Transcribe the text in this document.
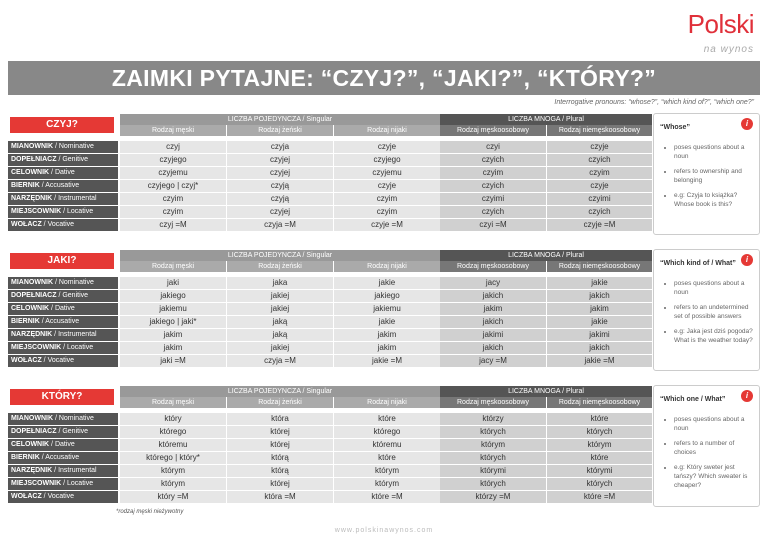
Polski
na wynos
ZAIMKI PYTAJNE: “CZYJ?”, “JAKI?”, “KTÓRY?”
Interrogative pronouns: “whose?”, “which kind of?”, “which one?”
CZYJ?	LICZBA POJEDYNCZA / Singular	LICZBA MNOGA / Plural
Rodzaj męski	Rodzaj żeński	Rodzaj nijaki	Rodzaj męskoosobowy	Rodzaj niemęskoosobowy
MIANOWNIK / Nominative	czyj	czyja	czyje	czyi	czyje
DOPEŁNIACZ / Genitive	czyjego	czyjej	czyjego	czyich	czyich
CELOWNIK / Dative	czyjemu	czyjej	czyjemu	czyim	czyim
BIERNIK / Accusative	czyjego | czyj*	czyją	czyje	czyich	czyje
NARZĘDNIK / Instrumental	czyim	czyją	czyim	czyimi	czyimi
MIEJSCOWNIK / Locative	czyim	czyjej	czyim	czyich	czyich
WOŁACZ / Vocative	czyj =M	czyja =M	czyje =M	czyi =M	czyje =M
JAKI?	LICZBA POJEDYNCZA / Singular	LICZBA MNOGA / Plural
Rodzaj męski	Rodzaj żeński	Rodzaj nijaki	Rodzaj męskoosobowy	Rodzaj niemęskoosobowy
MIANOWNIK / Nominative	jaki	jaka	jakie	jacy	jakie
DOPEŁNIACZ / Genitive	jakiego	jakiej	jakiego	jakich	jakich
CELOWNIK / Dative	jakiemu	jakiej	jakiemu	jakim	jakim
BIERNIK / Accusative	jakiego | jaki*	jaką	jakie	jakich	jakie
NARZĘDNIK / Instrumental	jakim	jaką	jakim	jakimi	jakimi
MIEJSCOWNIK / Locative	jakim	jakiej	jakim	jakich	jakich
WOŁACZ / Vocative	jaki =M	czyja =M	jakie =M	jacy =M	jakie =M
KTÓRY?	LICZBA POJEDYNCZA / Singular	LICZBA MNOGA / Plural
Rodzaj męski	Rodzaj żeński	Rodzaj nijaki	Rodzaj męskoosobowy	Rodzaj niemęskoosobowy
MIANOWNIK / Nominative	który	która	które	którzy	które
DOPEŁNIACZ / Genitive	którego	której	którego	których	których
CELOWNIK / Dative	któremu	której	któremu	którym	którym
BIERNIK / Accusative	którego | który*	którą	które	których	które
NARZĘDNIK / Instrumental	którym	którą	którym	którymi	którymi
MIEJSCOWNIK / Locative	którym	której	którym	których	których
WOŁACZ / Vocative	który =M	która =M	które =M	którzy =M	które =M
*rodzaj męski nieżywotny
www.polskinawynos.com
i
“Whose”
• poses questions about a noun
• refers to ownership and belonging
• e.g: Czyja to książka? Whose book is this?
i
“Which kind of / What”
• poses questions about a noun
• refers to an undetermined set of possible answers
• e.g: Jaka jest dziś pogoda? What is the weather today?
i
“Which one / What”
• poses questions about a noun
• refers to a number of choices
• e.g: Który sweter jest tańszy? Which sweater is cheaper?
